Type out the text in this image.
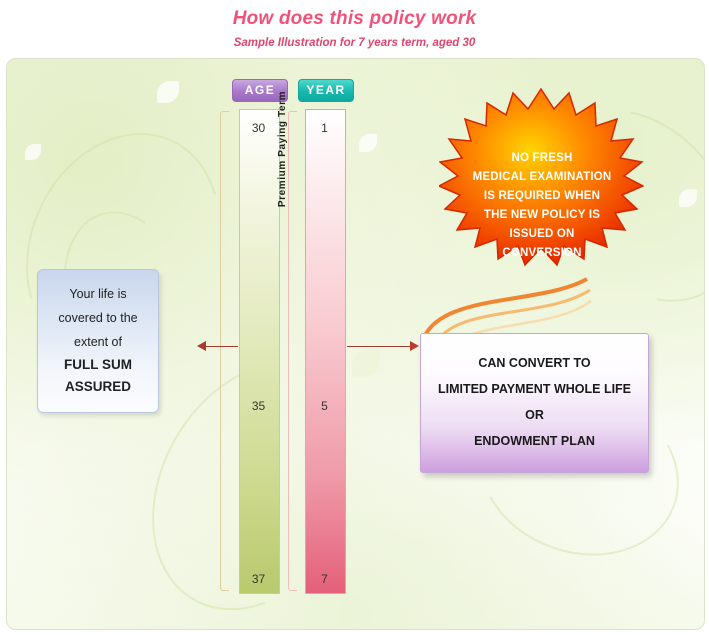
How does this policy work
Sample Illustration for 7 years term, aged 30
AGE	YEAR
30
35
37
1
5
7
Premium Paying Term
Your life is
covered to the
extent of
FULL SUM
ASSURED
NO FRESH
MEDICAL EXAMINATION
IS REQUIRED WHEN
THE NEW POLICY IS
ISSUED ON
CONVERSION
CAN CONVERT TO
LIMITED PAYMENT WHOLE LIFE
OR
ENDOWMENT PLAN
